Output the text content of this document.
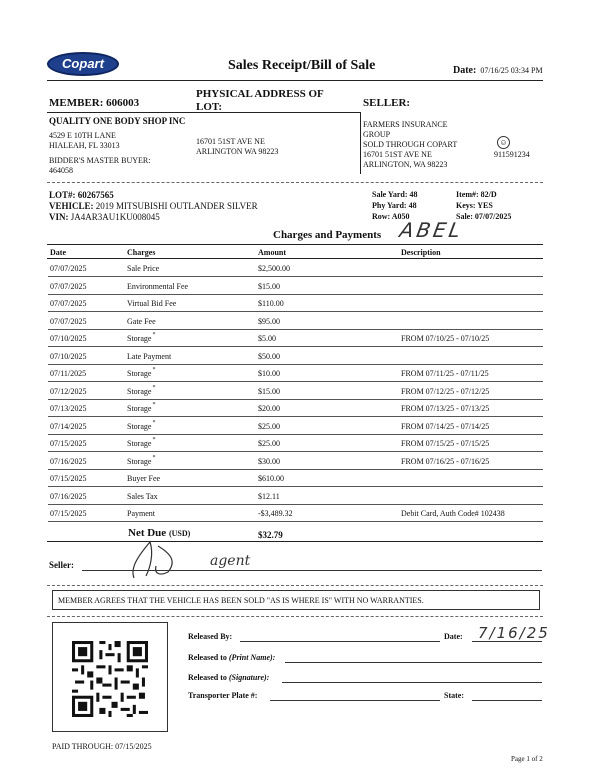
Copart	Sales Receipt/Bill of Sale	Date: 07/16/25 03:34 PM
MEMBER: 606003
QUALITY ONE BODY SHOP INC
4529 E 10TH LANE
HIALEAH, FL 33013
BIDDER'S MASTER BUYER:
464058
PHYSICAL ADDRESS OF LOT:
16701 51ST AVE NE
ARLINGTON WA 98223
SELLER:
FARMERS INSURANCE
GROUP
SOLD THROUGH COPART
16701 51ST AVE NE
ARLINGTON, WA 98223
☺
911591234
LOT#: 60267565
VEHICLE: 2019 MITSUBISHI OUTLANDER SILVER
VIN: JA4AR3AU1KU008045
Sale Yard: 48
Phy Yard: 48
Row: A050
Item#: 82/D
Keys: YES
Sale: 07/07/2025
Charges and Payments ABEL
Date	Charges	Amount	Description
07/07/2025	Sale Price	$2,500.00
07/07/2025	Environmental Fee	$15.00
07/07/2025	Virtual Bid Fee	$110.00
07/07/2025	Gate Fee	$95.00
07/10/2025	Storage*	$5.00	FROM 07/10/25 - 07/10/25
07/10/2025	Late Payment	$50.00
07/11/2025	Storage*	$10.00	FROM 07/11/25 - 07/11/25
07/12/2025	Storage*	$15.00	FROM 07/12/25 - 07/12/25
07/13/2025	Storage*	$20.00	FROM 07/13/25 - 07/13/25
07/14/2025	Storage*	$25.00	FROM 07/14/25 - 07/14/25
07/15/2025	Storage*	$25.00	FROM 07/15/25 - 07/15/25
07/16/2025	Storage*	$30.00	FROM 07/16/25 - 07/16/25
07/15/2025	Buyer Fee	$610.00
07/16/2025	Sales Tax	$12.11
07/15/2025	Payment	-$3,489.32	Debit Card, Auth Code# 102438
Net Due (USD)	$32.79
Seller:	agent
MEMBER AGREES THAT THE VEHICLE HAS BEEN SOLD "AS IS WHERE IS" WITH NO WARRANTIES.
Released By:	Date: 7/16/25
Released to (Print Name):
Released to (Signature):
Transporter Plate #:	State:
PAID THROUGH: 07/15/2025
Page 1 of 2
